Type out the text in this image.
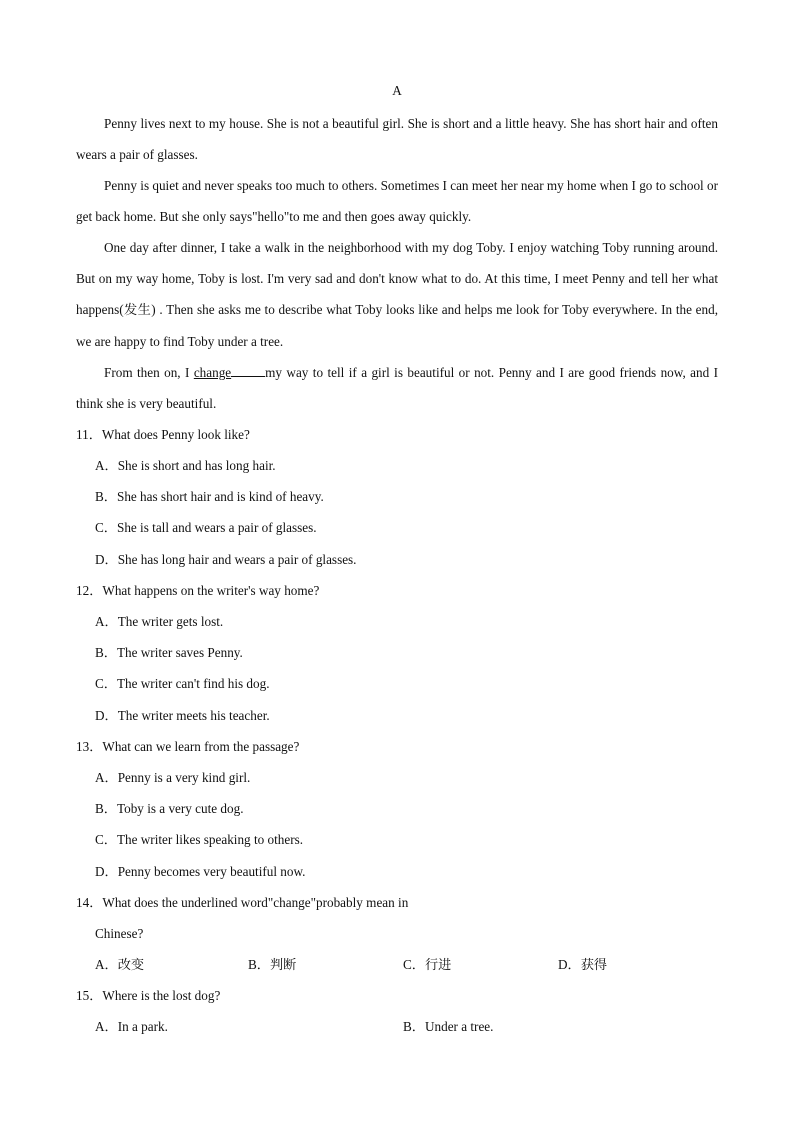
A
Penny lives next to my house. She is not a beautiful girl. She is short and a little heavy. She has short hair and often wears a pair of glasses.
Penny is quiet and never speaks too much to others. Sometimes I can meet her near my home when I go to school or get back home. But she only says"hello"to me and then goes away quickly.
One day after dinner, I take a walk in the neighborhood with my dog Toby. I enjoy watching Toby running around. But on my way home, Toby is lost. I'm very sad and don't know what to do. At this time, I meet Penny and tell her what happens(发生) . Then she asks me to describe what Toby looks like and helps me look for Toby everywhere. In the end, we are happy to find Toby under a tree.
From then on, I change	my way to tell if a girl is beautiful or not. Penny and I are good friends now, and I think she is very beautiful.
11．What does Penny look like?
A．She is short and has long hair.
B．She has short hair and is kind of heavy.
C．She is tall and wears a pair of glasses.
D．She has long hair and wears a pair of glasses.
12．What happens on the writer's way home?
A．The writer gets lost.
B．The writer saves Penny.
C．The writer can't find his dog.
D．The writer meets his teacher.
13．What can we learn from the passage?
A．Penny is a very kind girl.
B．Toby is a very cute dog.
C．The writer likes speaking to others.
D．Penny becomes very beautiful now.
14．What does the underlined word"change"probably mean in
Chinese?
A．改变	B．判断	C．行进	D．获得
15．Where is the lost dog?
A．In a park.	B．Under a tree.
